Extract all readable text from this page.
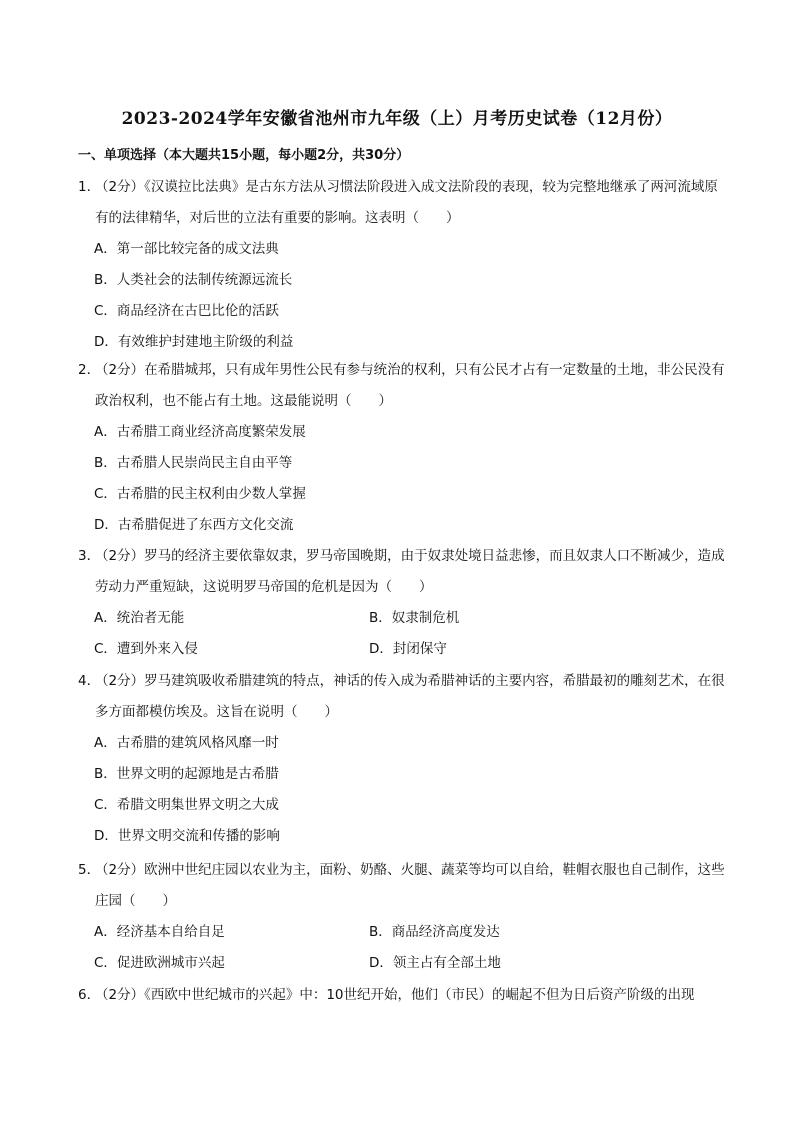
2023-2024学年安徽省池州市九年级（上）月考历史试卷（12月份）
一、单项选择（本大题共15小题，每小题2分，共30分）
1．
（2分）《汉谟拉比法典》是古东方法从习惯法阶段进入成文法阶段的表现，较为完整地继承了两河流域原有的法律精华，对后世的立法有重要的影响。这表明（　　）
A．第一部比较完备的成文法典
B．人类社会的法制传统源远流长
C．商品经济在古巴比伦的活跃
D．有效维护封建地主阶级的利益
2．
（2分）在希腊城邦，只有成年男性公民有参与统治的权利，只有公民才占有一定数量的土地，非公民没有政治权利，也不能占有土地。这最能说明（　　）
A．古希腊工商业经济高度繁荣发展
B．古希腊人民崇尚民主自由平等
C．古希腊的民主权利由少数人掌握
D．古希腊促进了东西方文化交流
3．
（2分）罗马的经济主要依靠奴隶，罗马帝国晚期，由于奴隶处境日益悲惨，而且奴隶人口不断减少，造成劳动力严重短缺，这说明罗马帝国的危机是因为（　　）
A．统治者无能	B．奴隶制危机
C．遭到外来入侵	D．封闭保守
4．
（2分）罗马建筑吸收希腊建筑的特点，神话的传入成为希腊神话的主要内容，希腊最初的雕刻艺术，在很多方面都模仿埃及。这旨在说明（　　）
A．古希腊的建筑风格风靡一时
B．世界文明的起源地是古希腊
C．希腊文明集世界文明之大成
D．世界文明交流和传播的影响
5．
（2分）欧洲中世纪庄园以农业为主，面粉、奶酪、火腿、蔬菜等均可以自给，鞋帽衣服也自己制作，这些庄园（　　）
A．经济基本自给自足	B．商品经济高度发达
C．促进欧洲城市兴起	D．领主占有全部土地
6．
（2分）《西欧中世纪城市的兴起》中：10世纪开始，他们（市民）的崛起不但为日后资产阶级的出现
